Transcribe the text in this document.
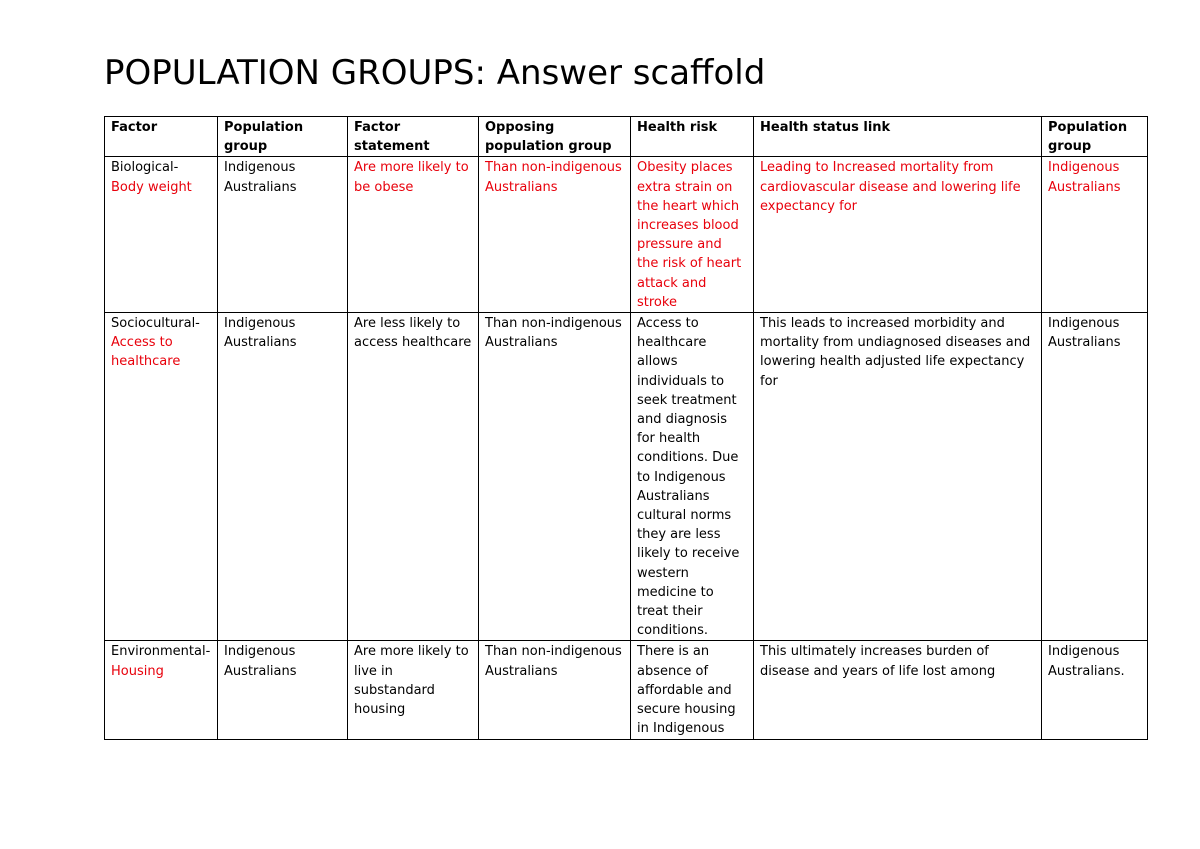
POPULATION GROUPS: Answer scaffold
Factor	Population group	Factor statement	Opposing population group	Health risk	Health status link	Population group

Biological-
Body weight	Indigenous Australians	Are more likely to be obese	Than non-indigenous Australians	Obesity places extra strain on the heart which increases blood pressure and the risk of heart attack and stroke	Leading to Increased mortality from cardiovascular disease and lowering life expectancy for	Indigenous Australians

Sociocultural-
Access to healthcare	Indigenous Australians	Are less likely to access healthcare	Than non-indigenous Australians	Access to healthcare allows individuals to seek treatment and diagnosis for health conditions. Due to Indigenous Australians cultural norms they are less likely to receive western medicine to treat their conditions.	This leads to increased morbidity and mortality from undiagnosed diseases and lowering health adjusted life expectancy for	Indigenous Australians

Environmental-
Housing	Indigenous Australians	Are more likely to live in substandard housing	Than non-indigenous Australians	There is an absence of affordable and secure housing in Indigenous	This ultimately increases burden of disease and years of life lost among	Indigenous Australians.
